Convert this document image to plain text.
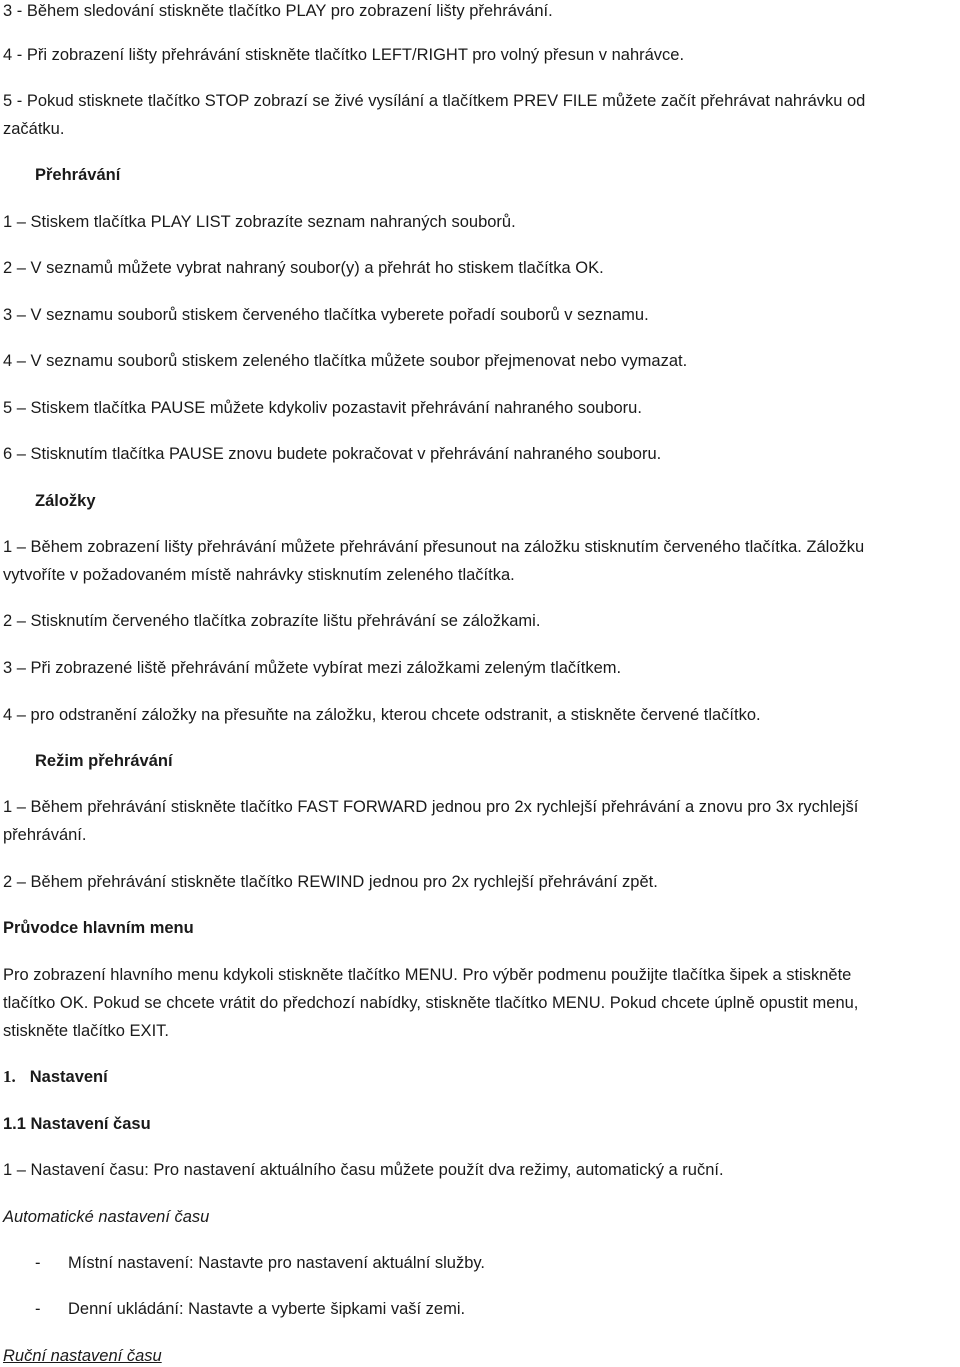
3 - Během sledování stiskněte tlačítko PLAY pro zobrazení lišty přehrávání.
4 - Při zobrazení lišty přehrávání stiskněte tlačítko LEFT/RIGHT pro volný přesun v nahrávce.
5 - Pokud stisknete tlačítko STOP zobrazí se živé vysílání a tlačítkem PREV FILE můžete začít přehrávat nahrávku od
začátku.
Přehrávání
1 – Stiskem tlačítka PLAY LIST zobrazíte seznam nahraných souborů.
2 – V seznamů můžete vybrat nahraný soubor(y) a přehrát ho stiskem tlačítka OK.
3 – V seznamu souborů stiskem červeného tlačítka vyberete pořadí souborů v seznamu.
4 – V seznamu souborů stiskem zeleného tlačítka můžete soubor přejmenovat nebo vymazat.
5 – Stiskem tlačítka PAUSE můžete kdykoliv pozastavit přehrávání nahraného souboru.
6 – Stisknutím tlačítka PAUSE znovu budete pokračovat v přehrávání nahraného souboru.
Záložky
1 – Během zobrazení lišty přehrávání můžete přehrávání přesunout na záložku stisknutím červeného tlačítka. Záložku
vytvoříte v požadovaném místě nahrávky stisknutím zeleného tlačítka.
2 – Stisknutím červeného tlačítka zobrazíte lištu přehrávání se záložkami.
3 – Při zobrazené liště přehrávání můžete vybírat mezi záložkami zeleným tlačítkem.
4 – pro odstranění záložky na přesuňte na záložku, kterou chcete odstranit, a stiskněte červené tlačítko.
Režim přehrávání
1 – Během přehrávání stiskněte tlačítko FAST FORWARD jednou pro 2x rychlejší přehrávání a znovu pro 3x rychlejší
přehrávání.
2 – Během přehrávání stiskněte tlačítko REWIND jednou pro 2x rychlejší přehrávání zpět.
Průvodce hlavním menu
Pro zobrazení hlavního menu kdykoli stiskněte tlačítko MENU. Pro výběr podmenu použijte tlačítka šipek a stiskněte
tlačítko OK. Pokud se chcete vrátit do předchozí nabídky, stiskněte tlačítko MENU. Pokud chcete úplně opustit menu,
stiskněte tlačítko EXIT.
1. Nastavení
1.1 Nastavení času
1 – Nastavení času: Pro nastavení aktuálního času můžete použít dva režimy, automatický a ruční.
Automatické nastavení času
- Místní nastavení: Nastavte pro nastavení aktuální služby.
- Denní ukládání: Nastavte a vyberte šipkami vaší zemi.
Ruční nastavení času
